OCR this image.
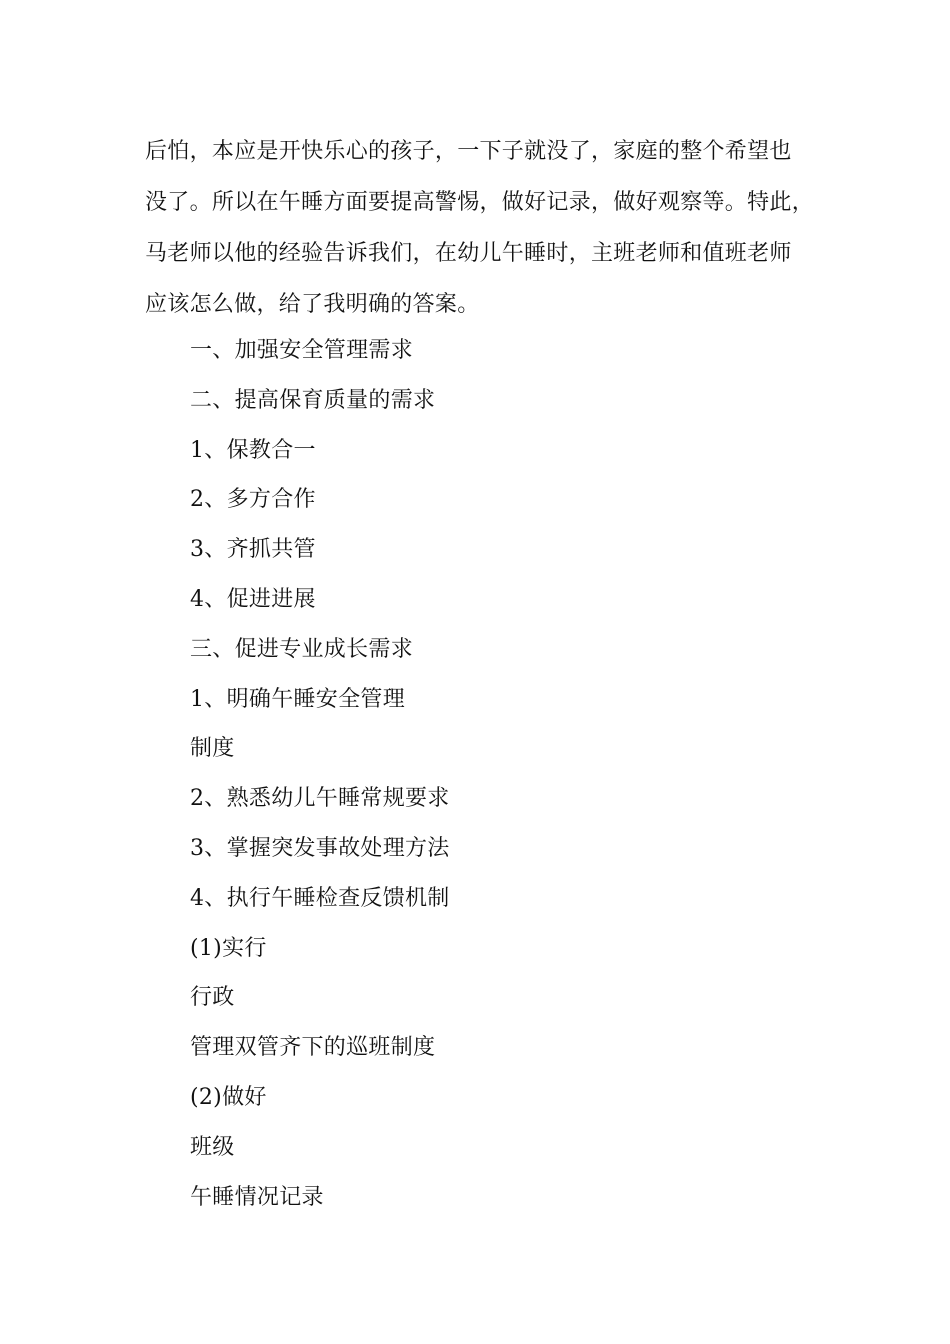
后怕，本应是开快乐心的孩子，一下子就没了，家庭的整个希望也
没了。所以在午睡方面要提高警惕，做好记录，做好观察等。特此，
马老师以他的经验告诉我们，在幼儿午睡时，主班老师和值班老师
应该怎么做，给了我明确的答案。
一、加强安全管理需求
二、提高保育质量的需求
1、保教合一
2、多方合作
3、齐抓共管
4、促进进展
三、促进专业成长需求
1、明确午睡安全管理
制度
2、熟悉幼儿午睡常规要求
3、掌握突发事故处理方法
4、执行午睡检查反馈机制
(1)实行
行政
管理双管齐下的巡班制度
(2)做好
班级
午睡情况记录
